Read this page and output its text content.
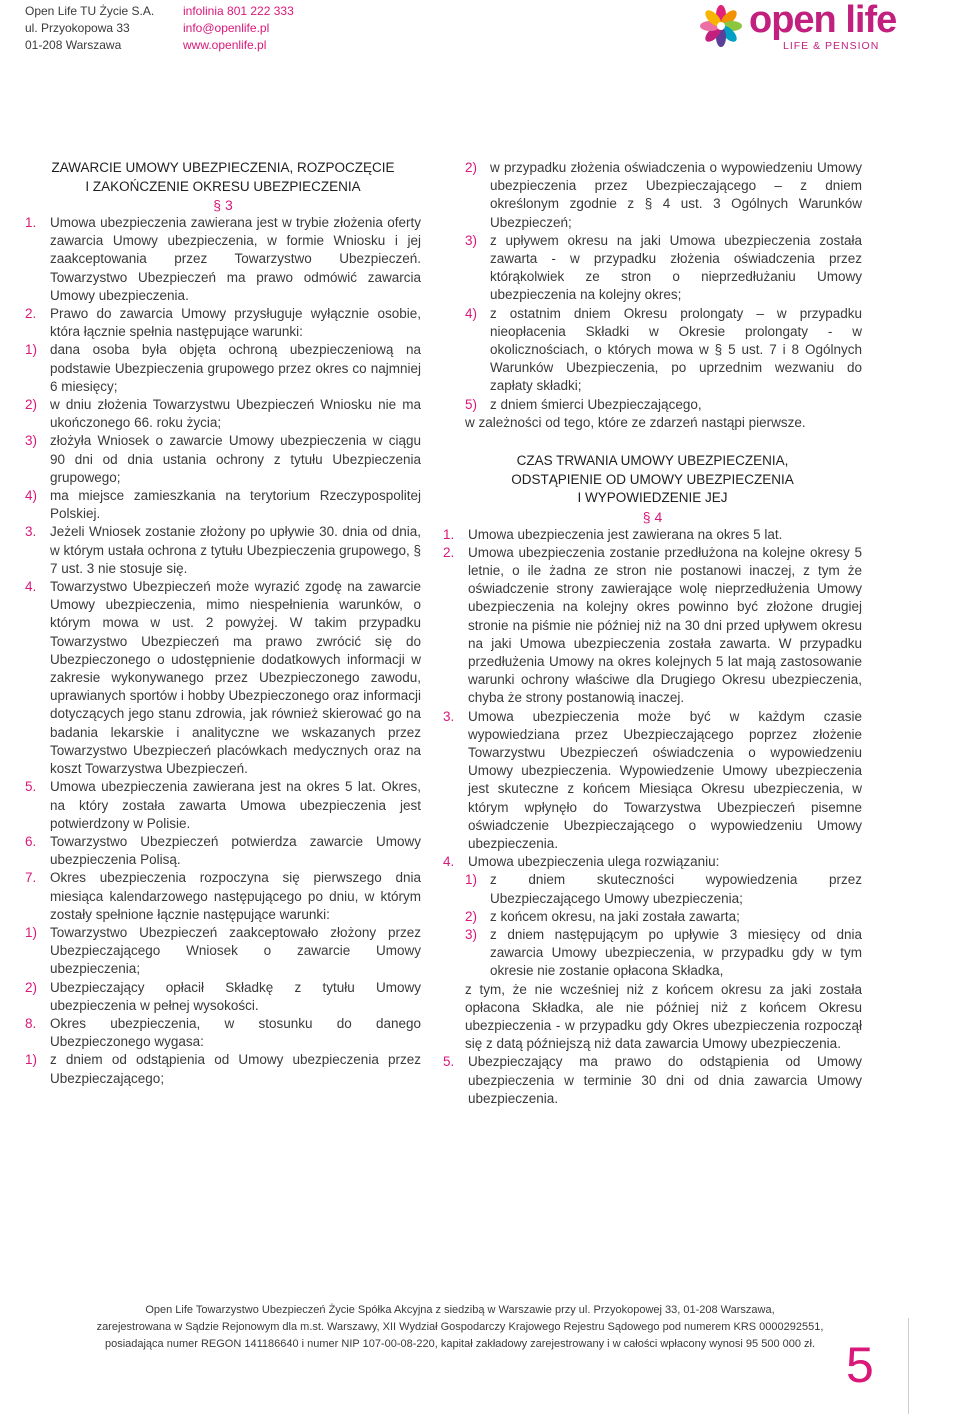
Open Life TU Życie S.A.
ul. Przyokopowa 33
01-208 Warszawa
infolinia 801 222 333
info@openlife.pl
www.openlife.pl
open life
LIFE & PENSION
ZAWARCIE UMOWY UBEZPIECZENIA, ROZPOCZĘCIE
I ZAKOŃCZENIE OKRESU UBEZPIECZENIA
§ 3
1.	Umowa ubezpieczenia zawierana jest w trybie złożenia oferty zawarcia Umowy ubezpieczenia, w formie Wniosku i jej zaakceptowania przez Towarzystwo Ubezpieczeń. Towarzystwo Ubezpieczeń ma prawo odmówić zawarcia Umowy ubezpieczenia.
2.	Prawo do zawarcia Umowy przysługuje wyłącznie osobie, która łącznie spełnia następujące warunki:
1) dana osoba była objęta ochroną ubezpieczeniową na podstawie Ubezpieczenia grupowego przez okres co najmniej 6 miesięcy;
2) w dniu złożenia Towarzystwu Ubezpieczeń Wniosku nie ma ukończonego 66. roku życia;
3) złożyła Wniosek o zawarcie Umowy ubezpieczenia w ciągu 90 dni od dnia ustania ochrony z tytułu Ubezpieczenia grupowego;
4) ma miejsce zamieszkania na terytorium Rzeczypospolitej Polskiej.
3.	Jeżeli Wniosek zostanie złożony po upływie 30. dnia od dnia, w którym ustała ochrona z tytułu Ubezpieczenia grupowego, § 7 ust. 3 nie stosuje się.
4.	Towarzystwo Ubezpieczeń może wyrazić zgodę na zawarcie Umowy ubezpieczenia, mimo niespełnienia warunków, o którym mowa w ust. 2 powyżej. W takim przypadku Towarzystwo Ubezpieczeń ma prawo zwrócić się do Ubezpieczonego o udostępnienie dodatkowych informacji w zakresie wykonywanego przez Ubezpieczonego zawodu, uprawianych sportów i hobby Ubezpieczonego oraz informacji dotyczących jego stanu zdrowia, jak również skierować go na badania lekarskie i analityczne we wskazanych przez Towarzystwo Ubezpieczeń placówkach medycznych oraz na koszt Towarzystwa Ubezpieczeń.
5.	Umowa ubezpieczenia zawierana jest na okres 5 lat. Okres, na który została zawarta Umowa ubezpieczenia jest potwierdzony w Polisie.
6.	Towarzystwo Ubezpieczeń potwierdza zawarcie Umowy ubezpieczenia Polisą.
7.	Okres ubezpieczenia rozpoczyna się pierwszego dnia miesiąca kalendarzowego następującego po dniu, w którym zostały spełnione łącznie następujące warunki:
1) Towarzystwo Ubezpieczeń zaakceptowało złożony przez Ubezpieczającego Wniosek o zawarcie Umowy ubezpieczenia;
2) Ubezpieczający opłacił Składkę z tytułu Umowy ubezpieczenia w pełnej wysokości.
8.	Okres ubezpieczenia, w stosunku do danego Ubezpieczonego wygasa:
1) z dniem od odstąpienia od Umowy ubezpieczenia przez Ubezpieczającego;
2) w przypadku złożenia oświadczenia o wypowiedzeniu Umowy ubezpieczenia przez Ubezpieczającego – z dniem określonym zgodnie z § 4 ust. 3 Ogólnych Warunków Ubezpieczeń;
3) z upływem okresu na jaki Umowa ubezpieczenia została zawarta - w przypadku złożenia oświadczenia przez którąkolwiek ze stron o nieprzedłużaniu Umowy ubezpieczenia na kolejny okres;
4) z ostatnim dniem Okresu prolongaty – w przypadku nieopłacenia Składki w Okresie prolongaty - w okolicznościach, o których mowa w § 5 ust. 7 i 8 Ogólnych Warunków Ubezpieczenia, po uprzednim wezwaniu do zapłaty składki;
5) z dniem śmierci Ubezpieczającego,
w zależności od tego, które ze zdarzeń nastąpi pierwsze.
CZAS TRWANIA UMOWY UBEZPIECZENIA,
ODSTĄPIENIE OD UMOWY UBEZPIECZENIA
I WYPOWIEDZENIE JEJ
§ 4
1.	Umowa ubezpieczenia jest zawierana na okres 5 lat.
2.	Umowa ubezpieczenia zostanie przedłużona na kolejne okresy 5 letnie, o ile żadna ze stron nie postanowi inaczej, z tym że oświadczenie strony zawierające wolę nieprzedłużenia Umowy ubezpieczenia na kolejny okres powinno być złożone drugiej stronie na piśmie nie później niż na 30 dni przed upływem okresu na jaki Umowa ubezpieczenia została zawarta. W przypadku przedłużenia Umowy na okres kolejnych 5 lat mają zastosowanie warunki ochrony właściwe dla Drugiego Okresu ubezpieczenia, chyba że strony postanowią inaczej.
3.	Umowa ubezpieczenia może być w każdym czasie wypowiedziana przez Ubezpieczającego poprzez złożenie Towarzystwu Ubezpieczeń oświadczenia o wypowiedzeniu Umowy ubezpieczenia. Wypowiedzenie Umowy ubezpieczenia jest skuteczne z końcem Miesiąca Okresu ubezpieczenia, w którym wpłynęło do Towarzystwa Ubezpieczeń pisemne oświadczenie Ubezpieczającego o wypowiedzeniu Umowy ubezpieczenia.
4.	Umowa ubezpieczenia ulega rozwiązaniu:
1) z dniem skuteczności wypowiedzenia przez Ubezpieczającego Umowy ubezpieczenia;
2) z końcem okresu, na jaki została zawarta;
3) z dniem następującym po upływie 3 miesięcy od dnia zawarcia Umowy ubezpieczenia, w przypadku gdy w tym okresie nie zostanie opłacona Składka,
z tym, że nie wcześniej niż z końcem okresu za jaki została opłacona Składka, ale nie później niż z końcem Okresu ubezpieczenia - w przypadku gdy Okres ubezpieczenia rozpoczął się z datą późniejszą niż data zawarcia Umowy ubezpieczenia.
5.	Ubezpieczający ma prawo do odstąpienia od Umowy ubezpieczenia w terminie 30 dni od dnia zawarcia Umowy ubezpieczenia.
Open Life Towarzystwo Ubezpieczeń Życie Spółka Akcyjna z siedzibą w Warszawie przy ul. Przyokopowej 33, 01-208 Warszawa,
zarejestrowana w Sądzie Rejonowym dla m.st. Warszawy, XII Wydział Gospodarczy Krajowego Rejestru Sądowego pod numerem KRS 0000292551,
posiadająca numer REGON 141186640 i numer NIP 107-00-08-220, kapitał zakładowy zarejestrowany i w całości wpłacony wynosi 95 500 000 zł. 5
